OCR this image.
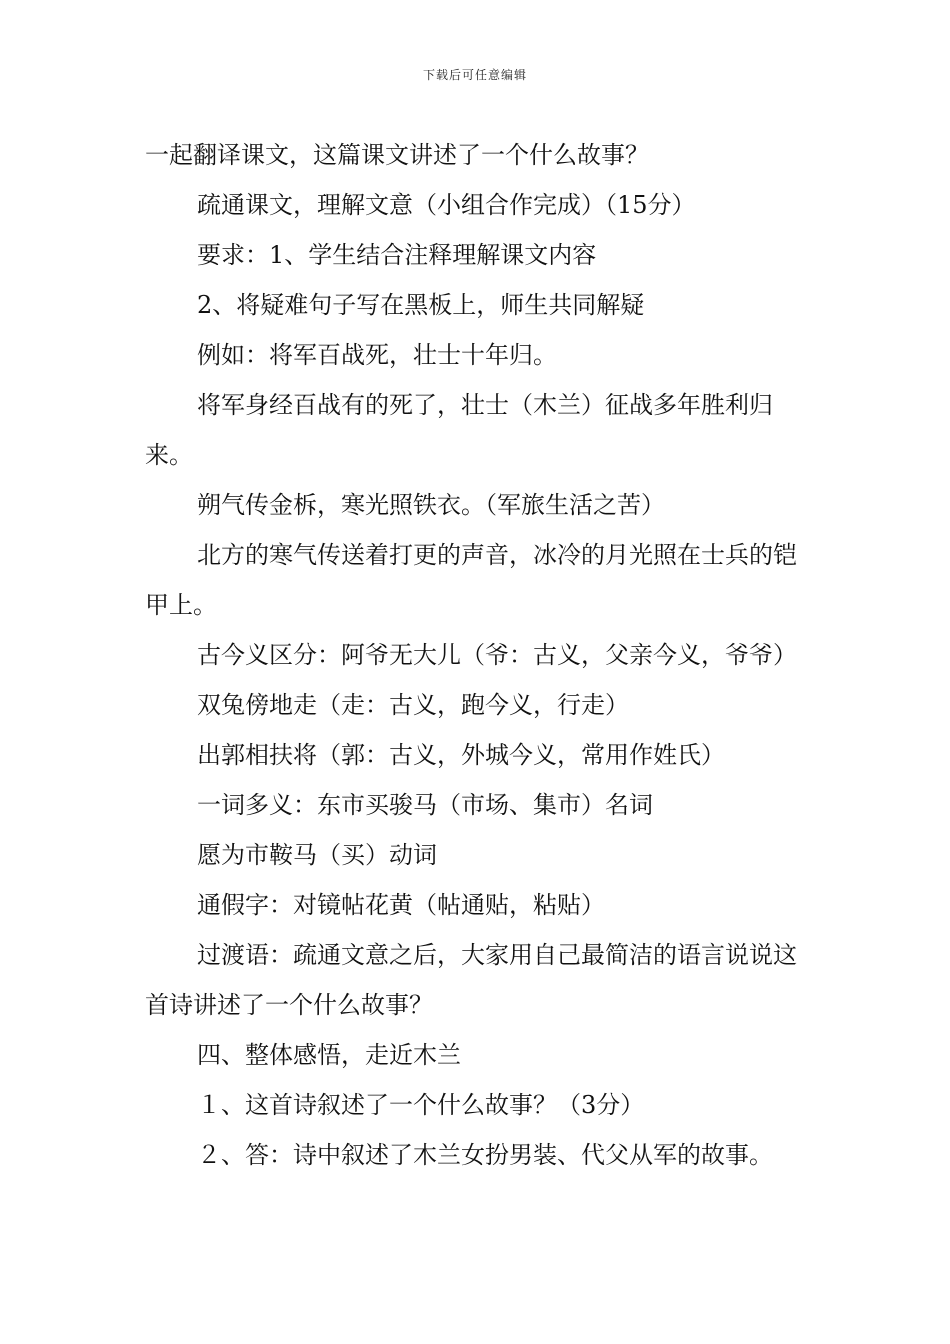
下载后可任意编辑

一起翻译课文，这篇课文讲述了一个什么故事？

疏通课文，理解文意（小组合作完成）（15分）

要求：1、学生结合注释理解课文内容

2、将疑难句子写在黑板上，师生共同解疑

例如：将军百战死，壮士十年归。

将军身经百战有的死了，壮士（木兰）征战多年胜利归来。

朔气传金柝，寒光照铁衣。（军旅生活之苦）

北方的寒气传送着打更的声音，冰冷的月光照在士兵的铠甲上。

古今义区分：阿爷无大儿（爷：古义，父亲今义，爷爷）

双兔傍地走（走：古义，跑今义，行走）

出郭相扶将（郭：古义，外城今义，常用作姓氏）

一词多义：东市买骏马（市场、集市）名词

愿为市鞍马（买）动词

通假字：对镜帖花黄（帖通贴，粘贴）

过渡语：疏通文意之后，大家用自己最简洁的语言说说这首诗讲述了一个什么故事？

四、整体感悟，走近木兰

１、这首诗叙述了一个什么故事？（3分）

２、答：诗中叙述了木兰女扮男装、代父从军的故事。
